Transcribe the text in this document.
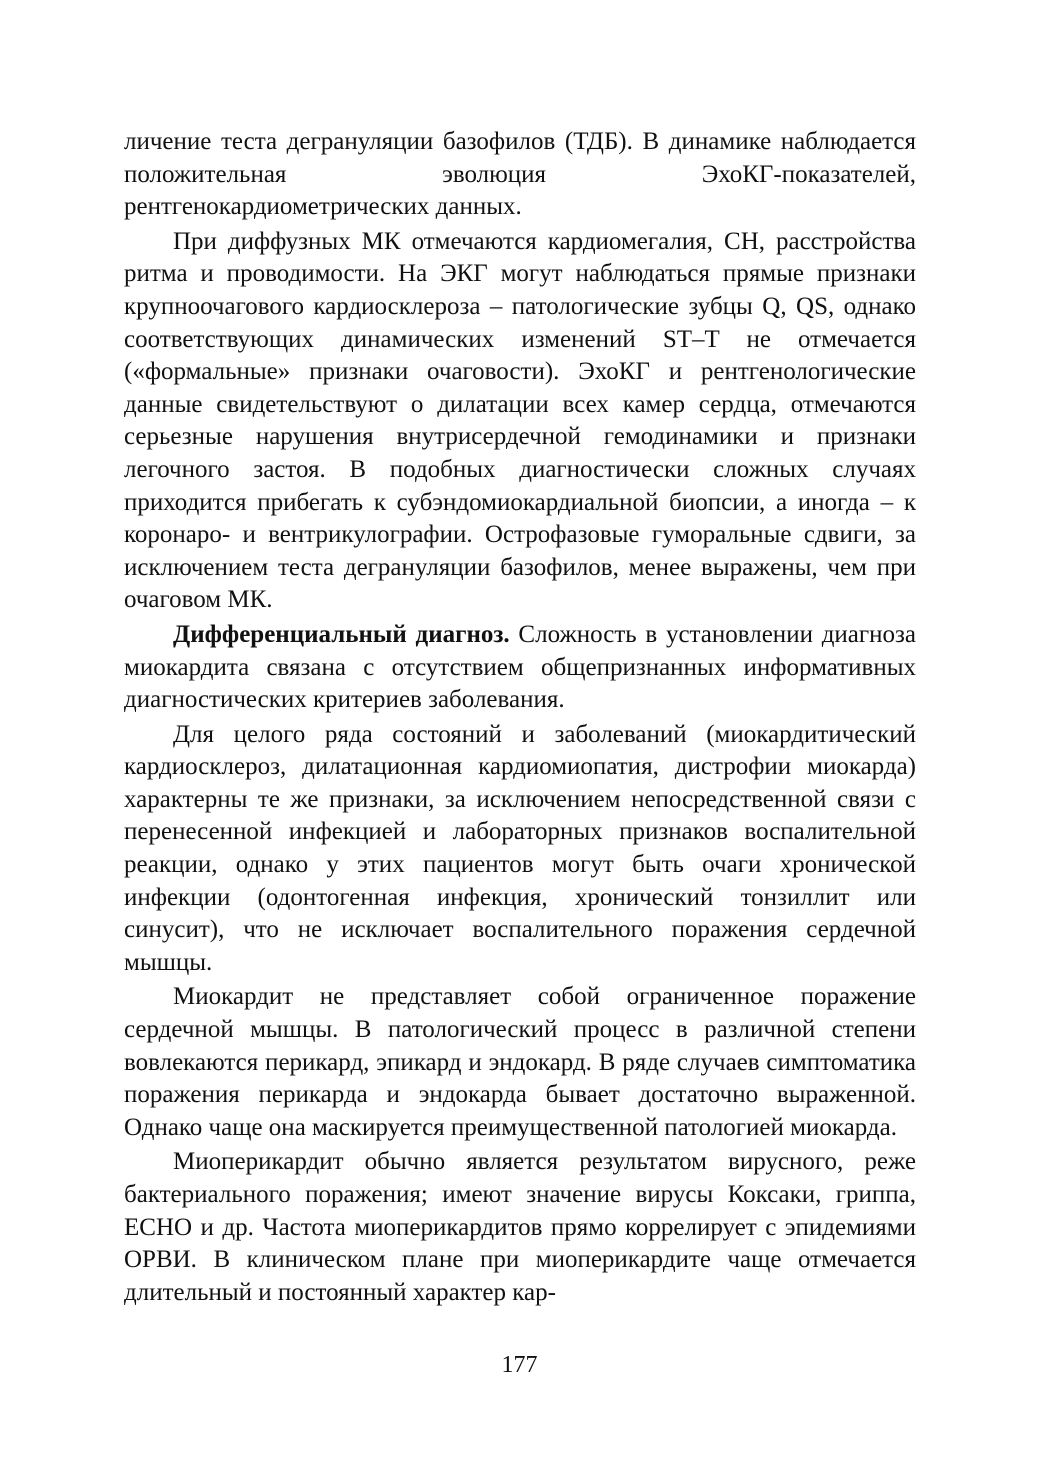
личение теста дегрануляции базофилов (ТДБ). В динамике наблюдается положительная эволюция ЭхоКГ-показателей, рентгенокардиометрических данных.

При диффузных МК отмечаются кардиомегалия, СН, расстройства ритма и проводимости. На ЭКГ могут наблюдаться прямые признаки крупноочагового кардиосклероза – патологические зубцы Q, QS, однако соответствующих динамических изменений ST–T не отмечается («формальные» признаки очаговости). ЭхоКГ и рентгенологические данные свидетельствуют о дилатации всех камер сердца, отмечаются серьезные нарушения внутрисердечной гемодинамики и признаки легочного застоя. В подобных диагностически сложных случаях приходится прибегать к субэндомиокардиальной биопсии, а иногда – к коронаро- и вентрикулографии. Острофазовые гуморальные сдвиги, за исключением теста дегрануляции базофилов, менее выражены, чем при очаговом МК.

Дифференциальный диагноз. Сложность в установлении диагноза миокардита связана с отсутствием общепризнанных информативных диагностических критериев заболевания.

Для целого ряда состояний и заболеваний (миокардитический кардиосклероз, дилатационная кардиомиопатия, дистрофии миокарда) характерны те же признаки, за исключением непосредственной связи с перенесенной инфекцией и лабораторных признаков воспалительной реакции, однако у этих пациентов могут быть очаги хронической инфекции (одонтогенная инфекция, хронический тонзиллит или синусит), что не исключает воспалительного поражения сердечной мышцы.

Миокардит не представляет собой ограниченное поражение сердечной мышцы. В патологический процесс в различной степени вовлекаются перикард, эпикард и эндокард. В ряде случаев симптоматика поражения перикарда и эндокарда бывает достаточно выраженной. Однако чаще она маскируется преимущественной патологией миокарда.

Миоперикардит обычно является результатом вирусного, реже бактериального поражения; имеют значение вирусы Коксаки, гриппа, ЕСНО и др. Частота миоперикардитов прямо коррелирует с эпидемиями ОРВИ. В клиническом плане при миоперикардите чаще отмечается длительный и постоянный характер кар-

177
